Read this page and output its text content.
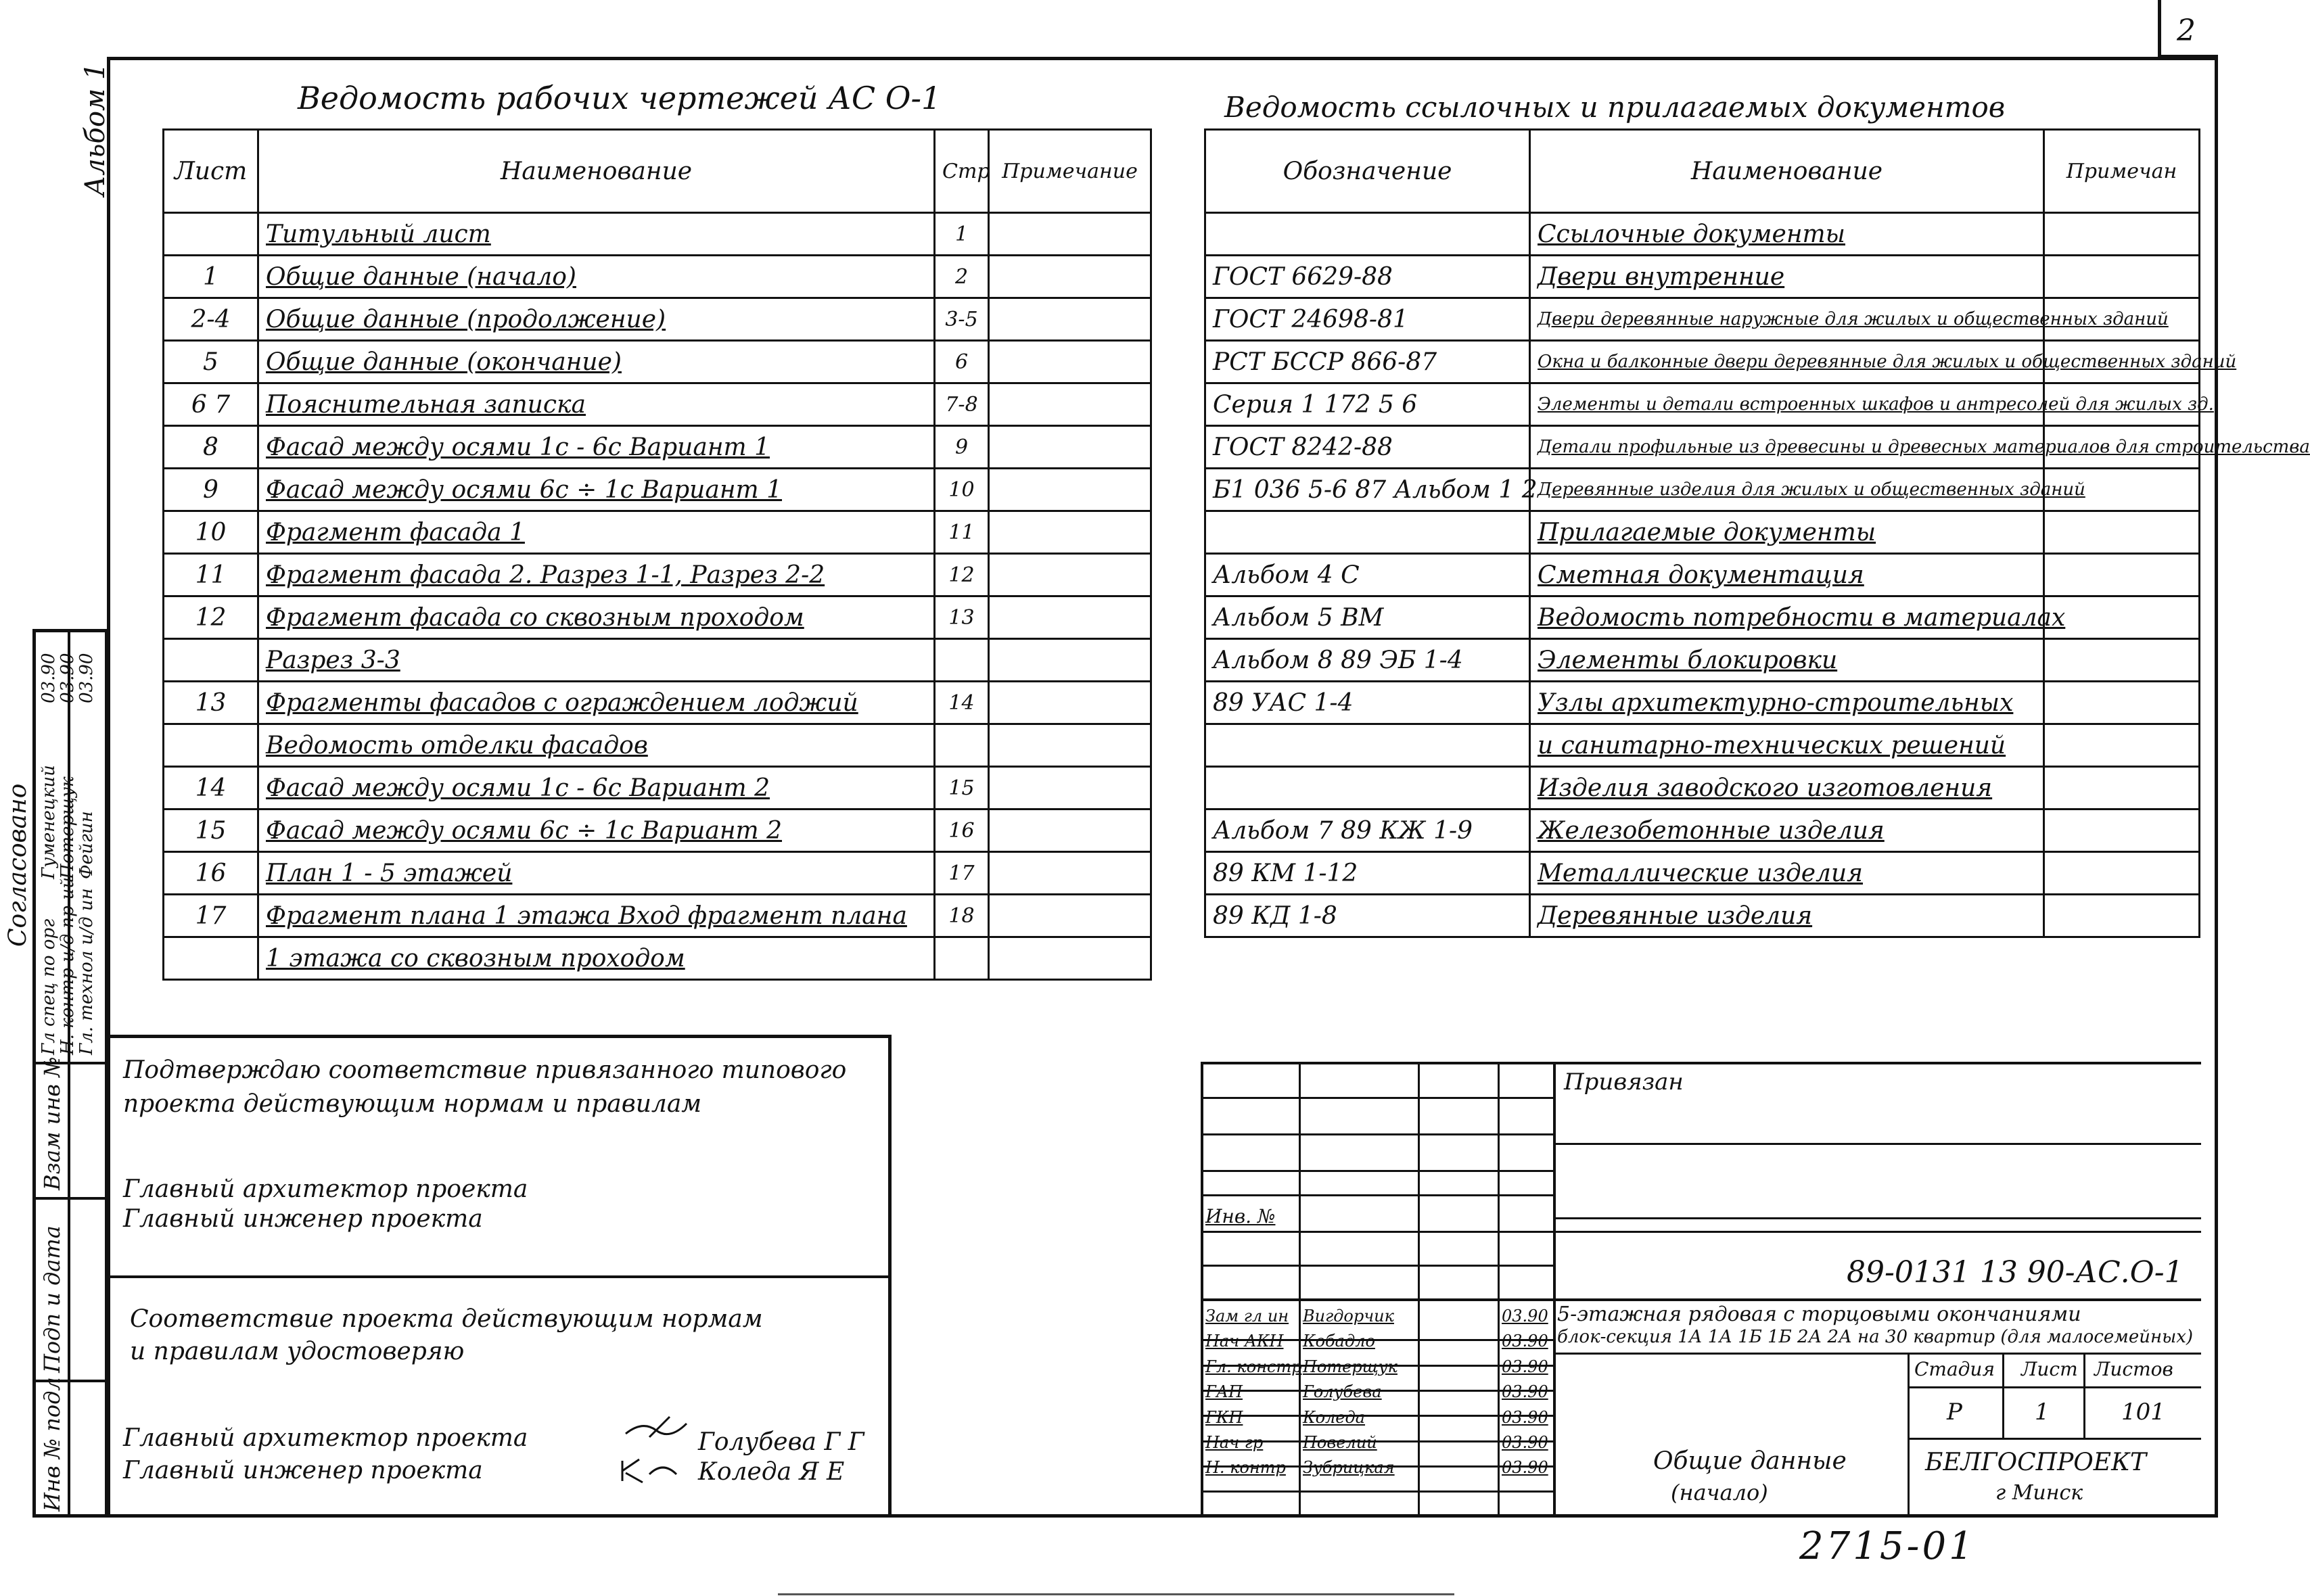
2
Альбом 1	Ведомость рабочих чертежей АС О-1
Лист	Наименование	Стр	Примечание
	Титульный лист	1	
1	Общие данные (начало)	2	
2-4	Общие данные (продолжение)	3-5	
5	Общие данные (окончание)	6	
6 7	Пояснительная записка	7-8	
8	Фасад между осями 1с - 6с Вариант 1	9	
9	Фасад между осями 6с ÷ 1с Вариант 1	10	
10	Фрагмент фасада 1	11	
11	Фрагмент фасада 2. Разрез 1-1, Разрез 2-2	12	
12	Фрагмент фасада со сквозным проходом	13	
	Разрез 3-3		
13	Фрагменты фасадов с ограждением лоджий	14	
	Ведомость отделки фасадов		
14	Фасад между осями 1с - 6с Вариант 2	15	
15	Фасад между осями 6с ÷ 1с Вариант 2	16	
16	План 1 - 5 этажей	17	
17	Фрагмент плана 1 этажа Вход фрагмент плана	18	
	1 этажа со сквозным проходом		
Ведомость ссылочных и прилагаемых документов
Обозначение	Наименование	Примечан
	Ссылочные документы	
ГОСТ 6629-88	Двери внутренние	
ГОСТ 24698-81	Двери деревянные наружные для жилых и общественных зданий	
РСТ БССР 866-87	Окна и балконные двери деревянные для жилых и общественных зданий	
Серия 1 172 5 6	Элементы и детали встроенных шкафов и антресолей для жилых зд.	
ГОСТ 8242-88	Детали профильные из древесины и древесных материалов для строительства	
Б1 036 5-6 87 Альбом 1 2	Деревянные изделия для жилых и общественных зданий	
	Прилагаемые документы	
Альбом 4 С	Сметная документация	
Альбом 5 ВМ	Ведомость потребности в материалах	
Альбом 8 89 ЭБ 1-4	Элементы блокировки	
89 УАС 1-4	Узлы архитектурно-строительных	
	и санитарно-технических решений	
	Изделия заводского изготовления	
Альбом 7 89 КЖ 1-9	Железобетонные изделия	
89 КМ 1-12	Металлические изделия	
89 КД 1-8	Деревянные изделия	
Согласовано
Взам инв №
Подп и дата
Инв № подл
Гл спец по орг
Н. контр и/д пр-ий
Гл. технол и/д ин
Гуменецкий
Потерщук
Фейгин
03.90
03.90
03.90
Подтверждаю соответствие привязанного типового
проекта действующим нормам и правилам
Главный архитектор проекта
Главный инженер проекта
Соответствие проекта действующим нормам
и правилам удостоверяю
Главный архитектор проекта	Голубева Г Г
Главный инженер проекта	Коледа Я Е
Привязан
Инв. №
89-0131 13 90-АС.О-1
5-этажная рядовая с торцовыми окончаниями
блок-секция 1А 1А 1Б 1Б 2А 2А на 30 квартир (для малосемейных)
Стадия Лист Листов
Р	1	101
Общие данные
(начало)
БЕЛГОСПРОЕКТ
г Минск
Зам гл ин Вигдорчик	03.90
Нач АКН Кобадло	03.90
Гл. констр Потерщук	03.90
ГАП	Голубева	03.90
ГКП	Коледа	03.90
Нач гр Повелий	03.90
Н. контр Зубрицкая	03.90
2715-01
